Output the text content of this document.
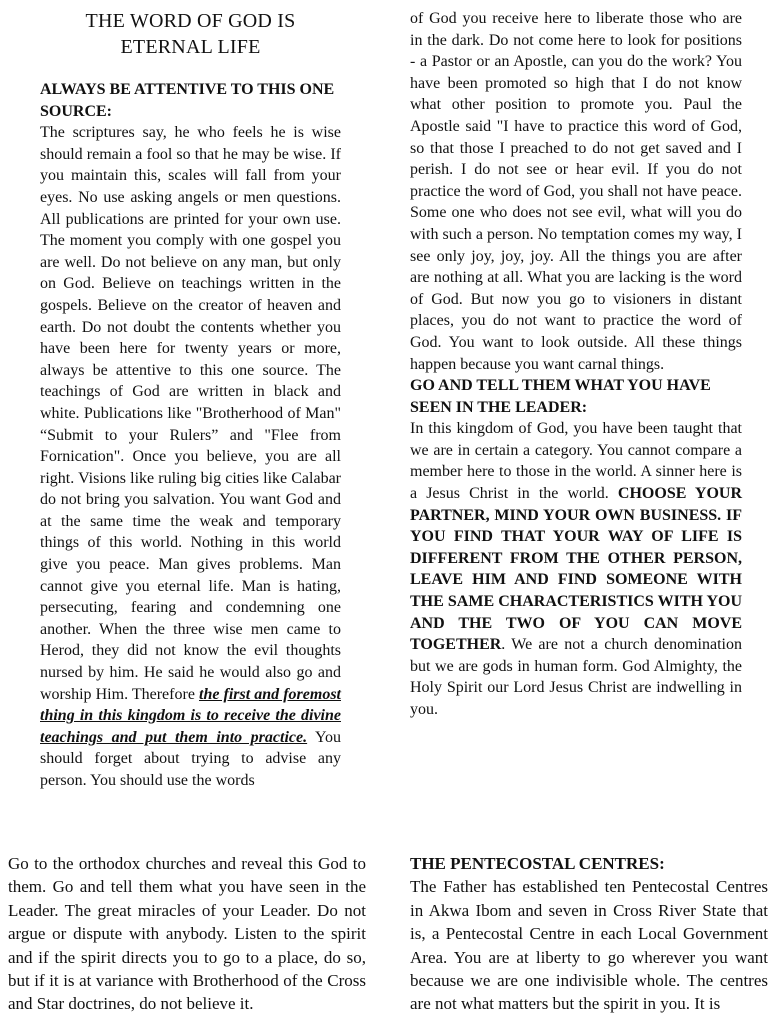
THE WORD OF GOD IS
ETERNAL LIFE
ALWAYS BE ATTENTIVE TO THIS ONE SOURCE:

The scriptures say, he who feels he is wise should remain a fool so that he may be wise. If you maintain this, scales will fall from your eyes. No use asking angels or men questions. All publications are printed for your own use. The moment you comply with one gospel you are well. Do not believe on any man, but only on God. Believe on teachings written in the gospels. Believe on the creator of heaven and earth. Do not doubt the contents whether you have been here for twenty years or more, always be attentive to this one source. The teachings of God are written in black and white. Publications like "Brotherhood of Man" “Submit to your Rulers” and "Flee from Fornication". Once you believe, you are all right. Visions like ruling big cities like Calabar do not bring you salvation. You want God and at the same time the weak and temporary things of this world. Nothing in this world give you peace. Man gives problems. Man cannot give you eternal life. Man is hating, persecuting, fearing and condemning one another. When the three wise men came to Herod, they did not know the evil thoughts nursed by him. He said he would also go and worship Him. Therefore the first and foremost thing in this kingdom is to receive the divine teachings and put them into practice. You should forget about trying to advise any person. You should use the words

of God you receive here to liberate those who are in the dark. Do not come here to look for positions - a Pastor or an Apostle, can you do the work? You have been promoted so high that I do not know what other position to promote you. Paul the Apostle said "I have to practice this word of God, so that those I preached to do not get saved and I perish. I do not see or hear evil. If you do not practice the word of God, you shall not have peace. Some one who does not see evil, what will you do with such a person. No temptation comes my way, I see only joy, joy, joy. All the things you are after are nothing at all. What you are lacking is the word of God. But now you go to visioners in distant places, you do not want to practice the word of God. You want to look outside. All these things happen because you want carnal things.

GO AND TELL THEM WHAT YOU HAVE SEEN IN THE LEADER:

In this kingdom of God, you have been taught that we are in certain a category. You cannot compare a member here to those in the world. A sinner here is a Jesus Christ in the world. CHOOSE YOUR PARTNER, MIND YOUR OWN BUSINESS. IF YOU FIND THAT YOUR WAY OF LIFE IS DIFFERENT FROM THE OTHER PERSON, LEAVE HIM AND FIND SOMEONE WITH THE SAME CHARACTERISTICS WITH YOU AND THE TWO OF YOU CAN MOVE TOGETHER. We are not a church denomination but we are gods in human form. God Almighty, the Holy Spirit our Lord Jesus Christ are indwelling in you.

Go to the orthodox churches and reveal this God to them. Go and tell them what you have seen in the Leader. The great miracles of your Leader. Do not argue or dispute with anybody. Listen to the spirit and if the spirit directs you to go to a place, do so, but if it is at variance with Brotherhood of the Cross and Star doctrines, do not believe it.

THE PENTECOSTAL CENTRES:

The Father has established ten Pentecostal Centres in Akwa Ibom and seven in Cross River State that is, a Pentecostal Centre in each Local Government Area. You are at liberty to go wherever you want because we are one indivisible whole. The centres are not what matters but the spirit in you. It is
